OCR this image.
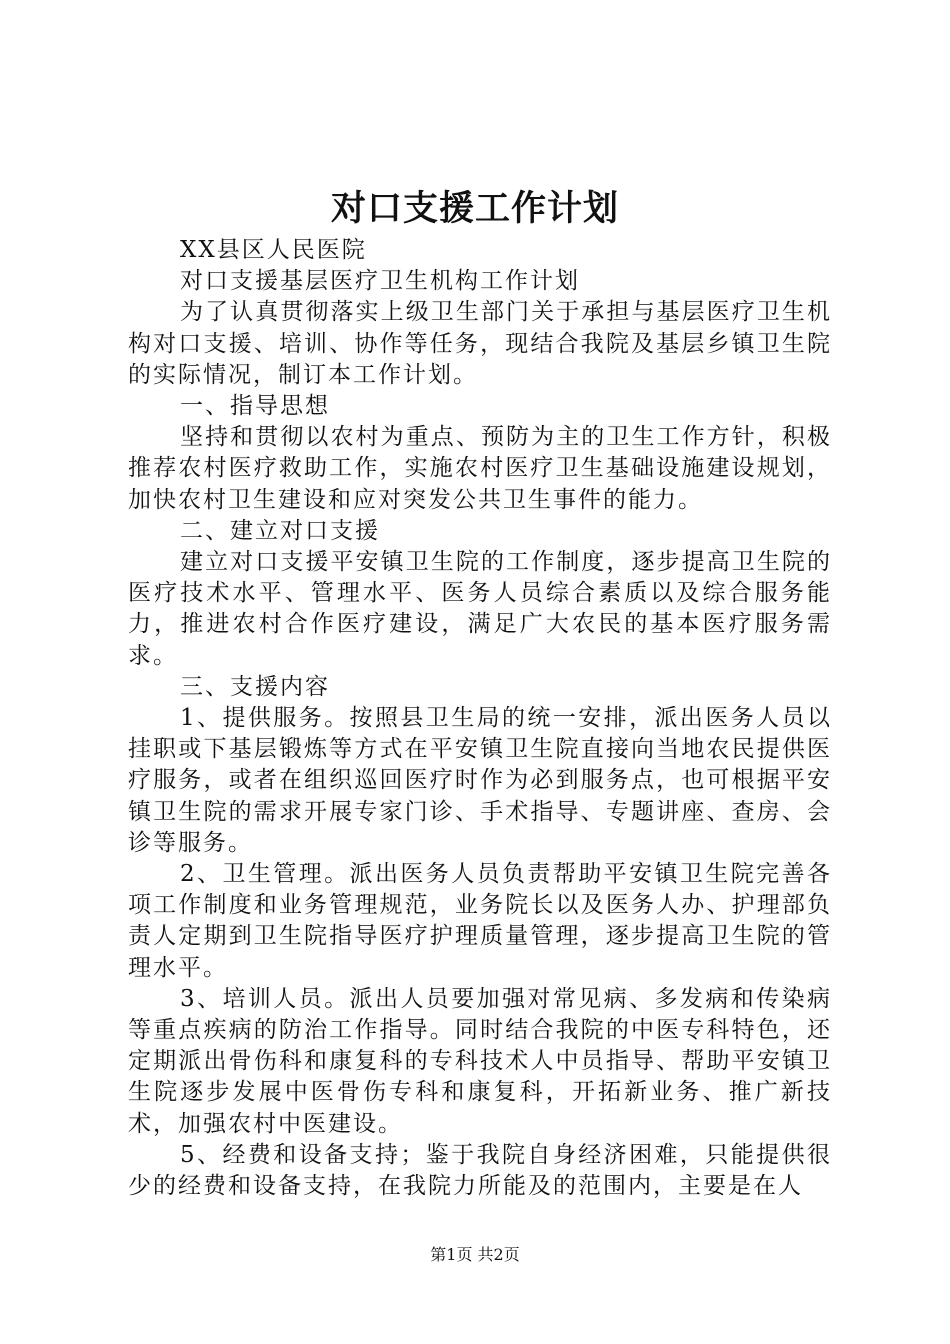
对口支援工作计划

XX县区人民医院

对口支援基层医疗卫生机构工作计划

为了认真贯彻落实上级卫生部门关于承担与基层医疗卫生机构对口支援、培训、协作等任务，现结合我院及基层乡镇卫生院的实际情况，制订本工作计划。

一、指导思想

坚持和贯彻以农村为重点、预防为主的卫生工作方针，积极推荐农村医疗救助工作，实施农村医疗卫生基础设施建设规划，加快农村卫生建设和应对突发公共卫生事件的能力。

二、建立对口支援

建立对口支援平安镇卫生院的工作制度，逐步提高卫生院的医疗技术水平、管理水平、医务人员综合素质以及综合服务能力，推进农村合作医疗建设，满足广大农民的基本医疗服务需求。

三、支援内容

1、提供服务。按照县卫生局的统一安排，派出医务人员以挂职或下基层锻炼等方式在平安镇卫生院直接向当地农民提供医疗服务，或者在组织巡回医疗时作为必到服务点，也可根据平安镇卫生院的需求开展专家门诊、手术指导、专题讲座、查房、会诊等服务。

2、卫生管理。派出医务人员负责帮助平安镇卫生院完善各项工作制度和业务管理规范，业务院长以及医务人办、护理部负责人定期到卫生院指导医疗护理质量管理，逐步提高卫生院的管理水平。

3、培训人员。派出人员要加强对常见病、多发病和传染病等重点疾病的防治工作指导。同时结合我院的中医专科特色，还定期派出骨伤科和康复科的专科技术人中员指导、帮助平安镇卫生院逐步发展中医骨伤专科和康复科，开拓新业务、推广新技术，加强农村中医建设。

5、经费和设备支持；鉴于我院自身经济困难，只能提供很少的经费和设备支持，在我院力所能及的范围内，主要是在人

第1页 共2页
